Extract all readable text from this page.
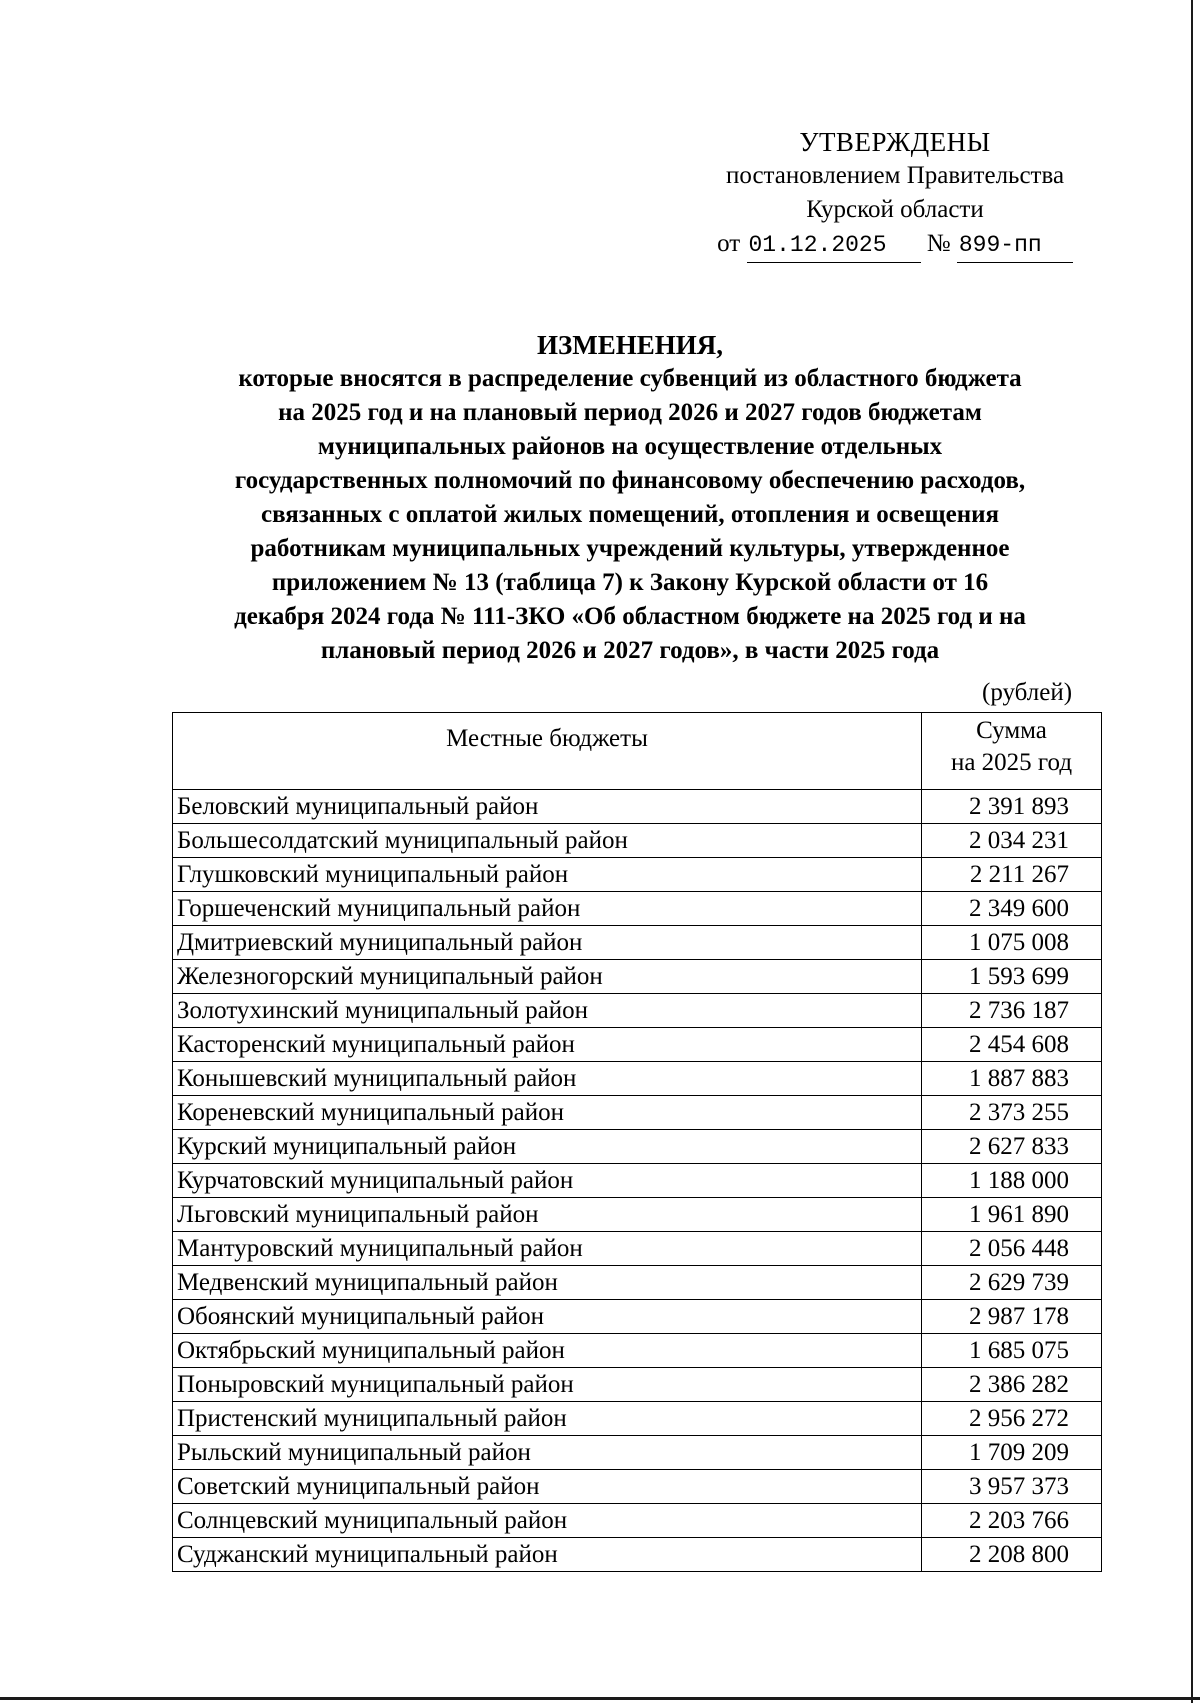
УТВЕРЖДЕНЫ
постановлением Правительства
Курской области
от 01.12.2025 № 899-пп
ИЗМЕНЕНИЯ,
которые вносятся в распределение субвенций из областного бюджета
на 2025 год и на плановый период 2026 и 2027 годов бюджетам
муниципальных районов на осуществление отдельных
государственных полномочий по финансовому обеспечению расходов,
связанных с оплатой жилых помещений, отопления и освещения
работникам муниципальных учреждений культуры, утвержденное
приложением № 13 (таблица 7) к Закону Курской области от 16
декабря 2024 года № 111-ЗКО «Об областном бюджете на 2025 год и на
плановый период 2026 и 2027 годов», в части 2025 года
(рублей)
Местные бюджеты	Сумма
на 2025 год

Беловский муниципальный район	2 391 893
Большесолдатский муниципальный район	2 034 231
Глушковский муниципальный район	2 211 267
Горшеченский муниципальный район	2 349 600
Дмитриевский муниципальный район	1 075 008
Железногорский муниципальный район	1 593 699
Золотухинский муниципальный район	2 736 187
Касторенский муниципальный район	2 454 608
Конышевский муниципальный район	1 887 883
Кореневский муниципальный район	2 373 255
Курский муниципальный район	2 627 833
Курчатовский муниципальный район	1 188 000
Льговский муниципальный район	1 961 890
Мантуровский муниципальный район	2 056 448
Медвенский муниципальный район	2 629 739
Обоянский муниципальный район	2 987 178
Октябрьский муниципальный район	1 685 075
Поныровский муниципальный район	2 386 282
Пристенский муниципальный район	2 956 272
Рыльский муниципальный район	1 709 209
Советский муниципальный район	3 957 373
Солнцевский муниципальный район	2 203 766
Суджанский муниципальный район	2 208 800
